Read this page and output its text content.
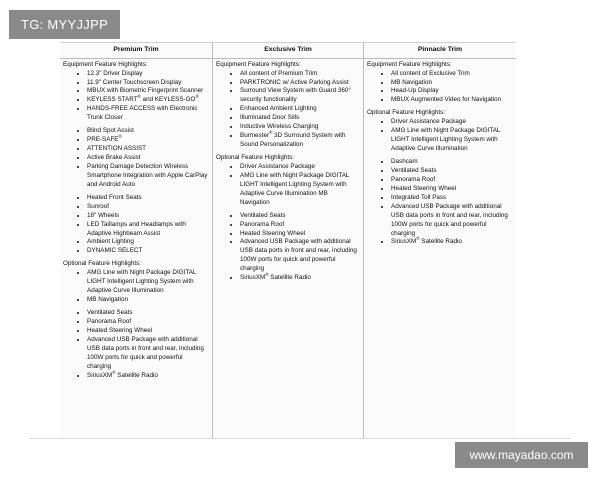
TG: MYYJJPP
Premium Trim
Equipment Feature Highlights:
• 12.3" Driver Display
• 11.9" Center Touchscreen Display
• MBUX with Biometric Fingerprint Scanner
• KEYLESS START® and KEYLESS-GO®
• HANDS-FREE ACCESS with Electronic Trunk Closer
• Blind Spot Assist
• PRE-SAFE®
• ATTENTION ASSIST
• Active Brake Assist
• Parking Damage Detection Wireless Smartphone Integration with Apple CarPlay and Android Auto
• Heated Front Seats
• Sunroof
• 18" Wheels
• LED Taillamps and Headlamps with Adaptive Highbeam Assist
• Ambient Lighting
• DYNAMIC SELECT
Optional Feature Highlights:
• AMG Line with Night Package DIGITAL LIGHT Intelligent Lighting System with Adaptive Curve Illumination
• MB Navigation
• Ventilated Seats
• Panorama Roof
• Heated Steering Wheel
• Advanced USB Package with additional USB data ports in front and rear, including 100W ports for quick and powerful charging
• SiriusXM® Satellite Radio
Exclusive Trim
Equipment Feature Highlights:
• All content of Premium Trim
• PARKTRONIC w/ Active Parking Assist
• Surround View System with Guard 360° security functionality
• Enhanced Ambient Lighting
• Illuminated Door Sills
• Inductive Wireless Charging
• Burmester® 3D Surround System with Sound Personalization
Optional Feature Highlights:
• Driver Assistance Package
• AMG Line with Night Package DIGITAL LIGHT Intelligent Lighting System with Adaptive Curve Illumination MB Navigation
• Ventilated Seats
• Panorama Roof
• Heated Steering Wheel
• Advanced USB Package with additional USB data ports in front and rear, including 100W ports for quick and powerful charging
• SiriusXM® Satellite Radio
Pinnacle Trim
Equipment Feature Highlights:
• All content of Exclusive Trim
• MB Navigation
• Head-Up Display
• MBUX Augmented Video for Navigation
Optional Feature Highlights:
• Driver Assistance Package
• AMG Line with Night Package DIGITAL LIGHT Intelligent Lighting System with Adaptive Curve Illumination
• Dashcam
• Ventilated Seats
• Panorama Roof
• Heated Steering Wheel
• Integrated Toll Pass
• Advanced USB Package with additional USB data ports in front and rear, including 100W ports for quick and powerful charging
• SiriusXM® Satellite Radio
www.mayadao.com
